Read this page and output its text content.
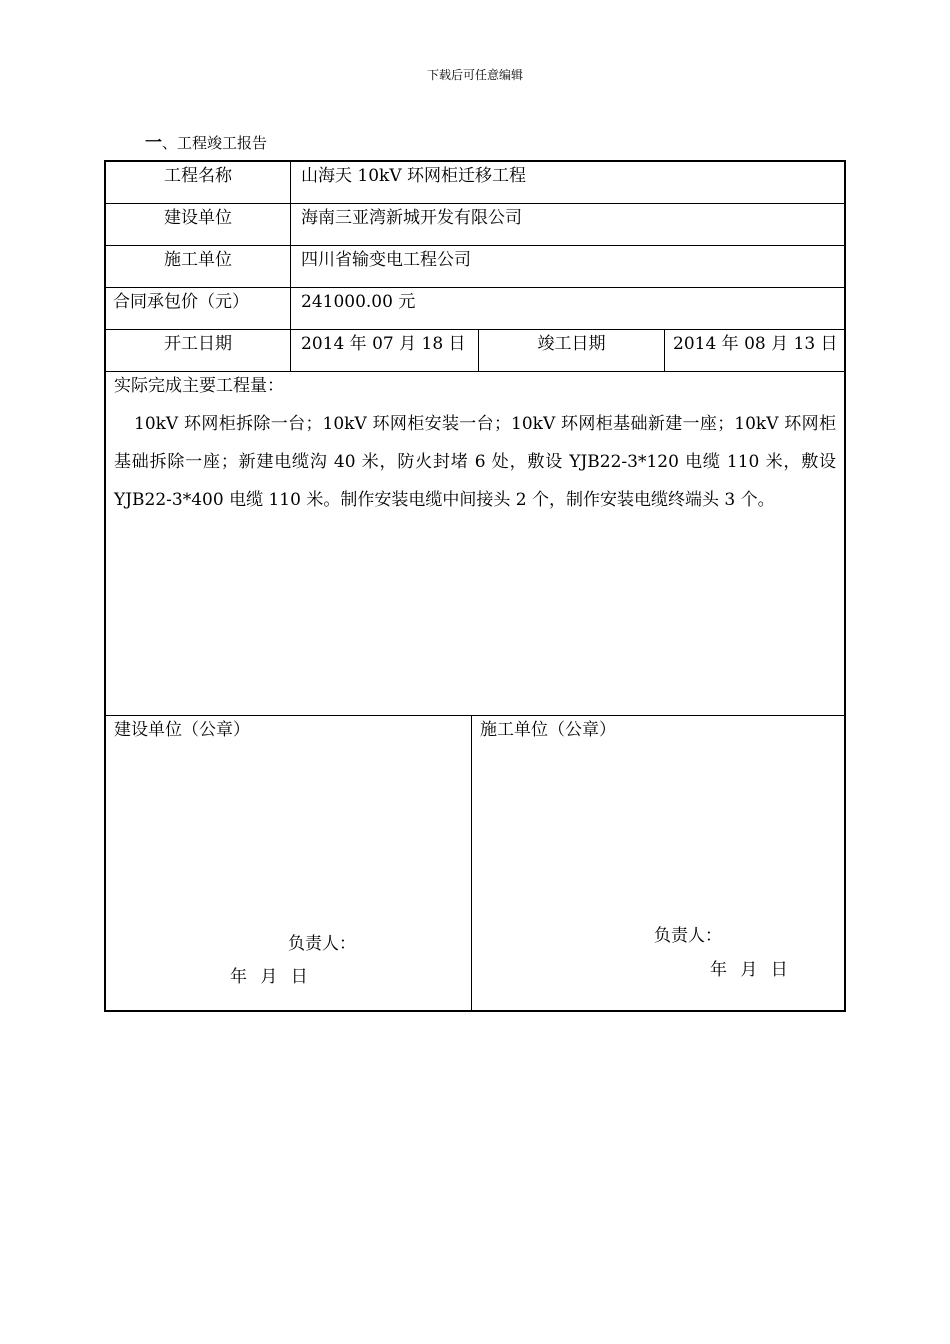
下载后可任意编辑
一、工程竣工报告
工程名称	山海天 10kV 环网柜迁移工程
建设单位	海南三亚湾新城开发有限公司
施工单位	四川省输变电工程公司
合同承包价（元）	241000.00 元
开工日期	2014 年 07 月 18 日	竣工日期	2014 年 08 月 13 日
实际完成主要工程量：
10kV 环网柜拆除一台；10kV 环网柜安装一台；10kV 环网柜基础新建一座；10kV 环网柜基础拆除一座；新建电缆沟 40 米，防火封堵 6 处，敷设 YJB22-3*120 电缆 110 米，敷设 YJB22-3*400 电缆 110 米。制作安装电缆中间接头 2 个，制作安装电缆终端头 3 个。
建设单位（公章）
负责人：
年 月 日
施工单位（公章）
负责人：
年 月 日
